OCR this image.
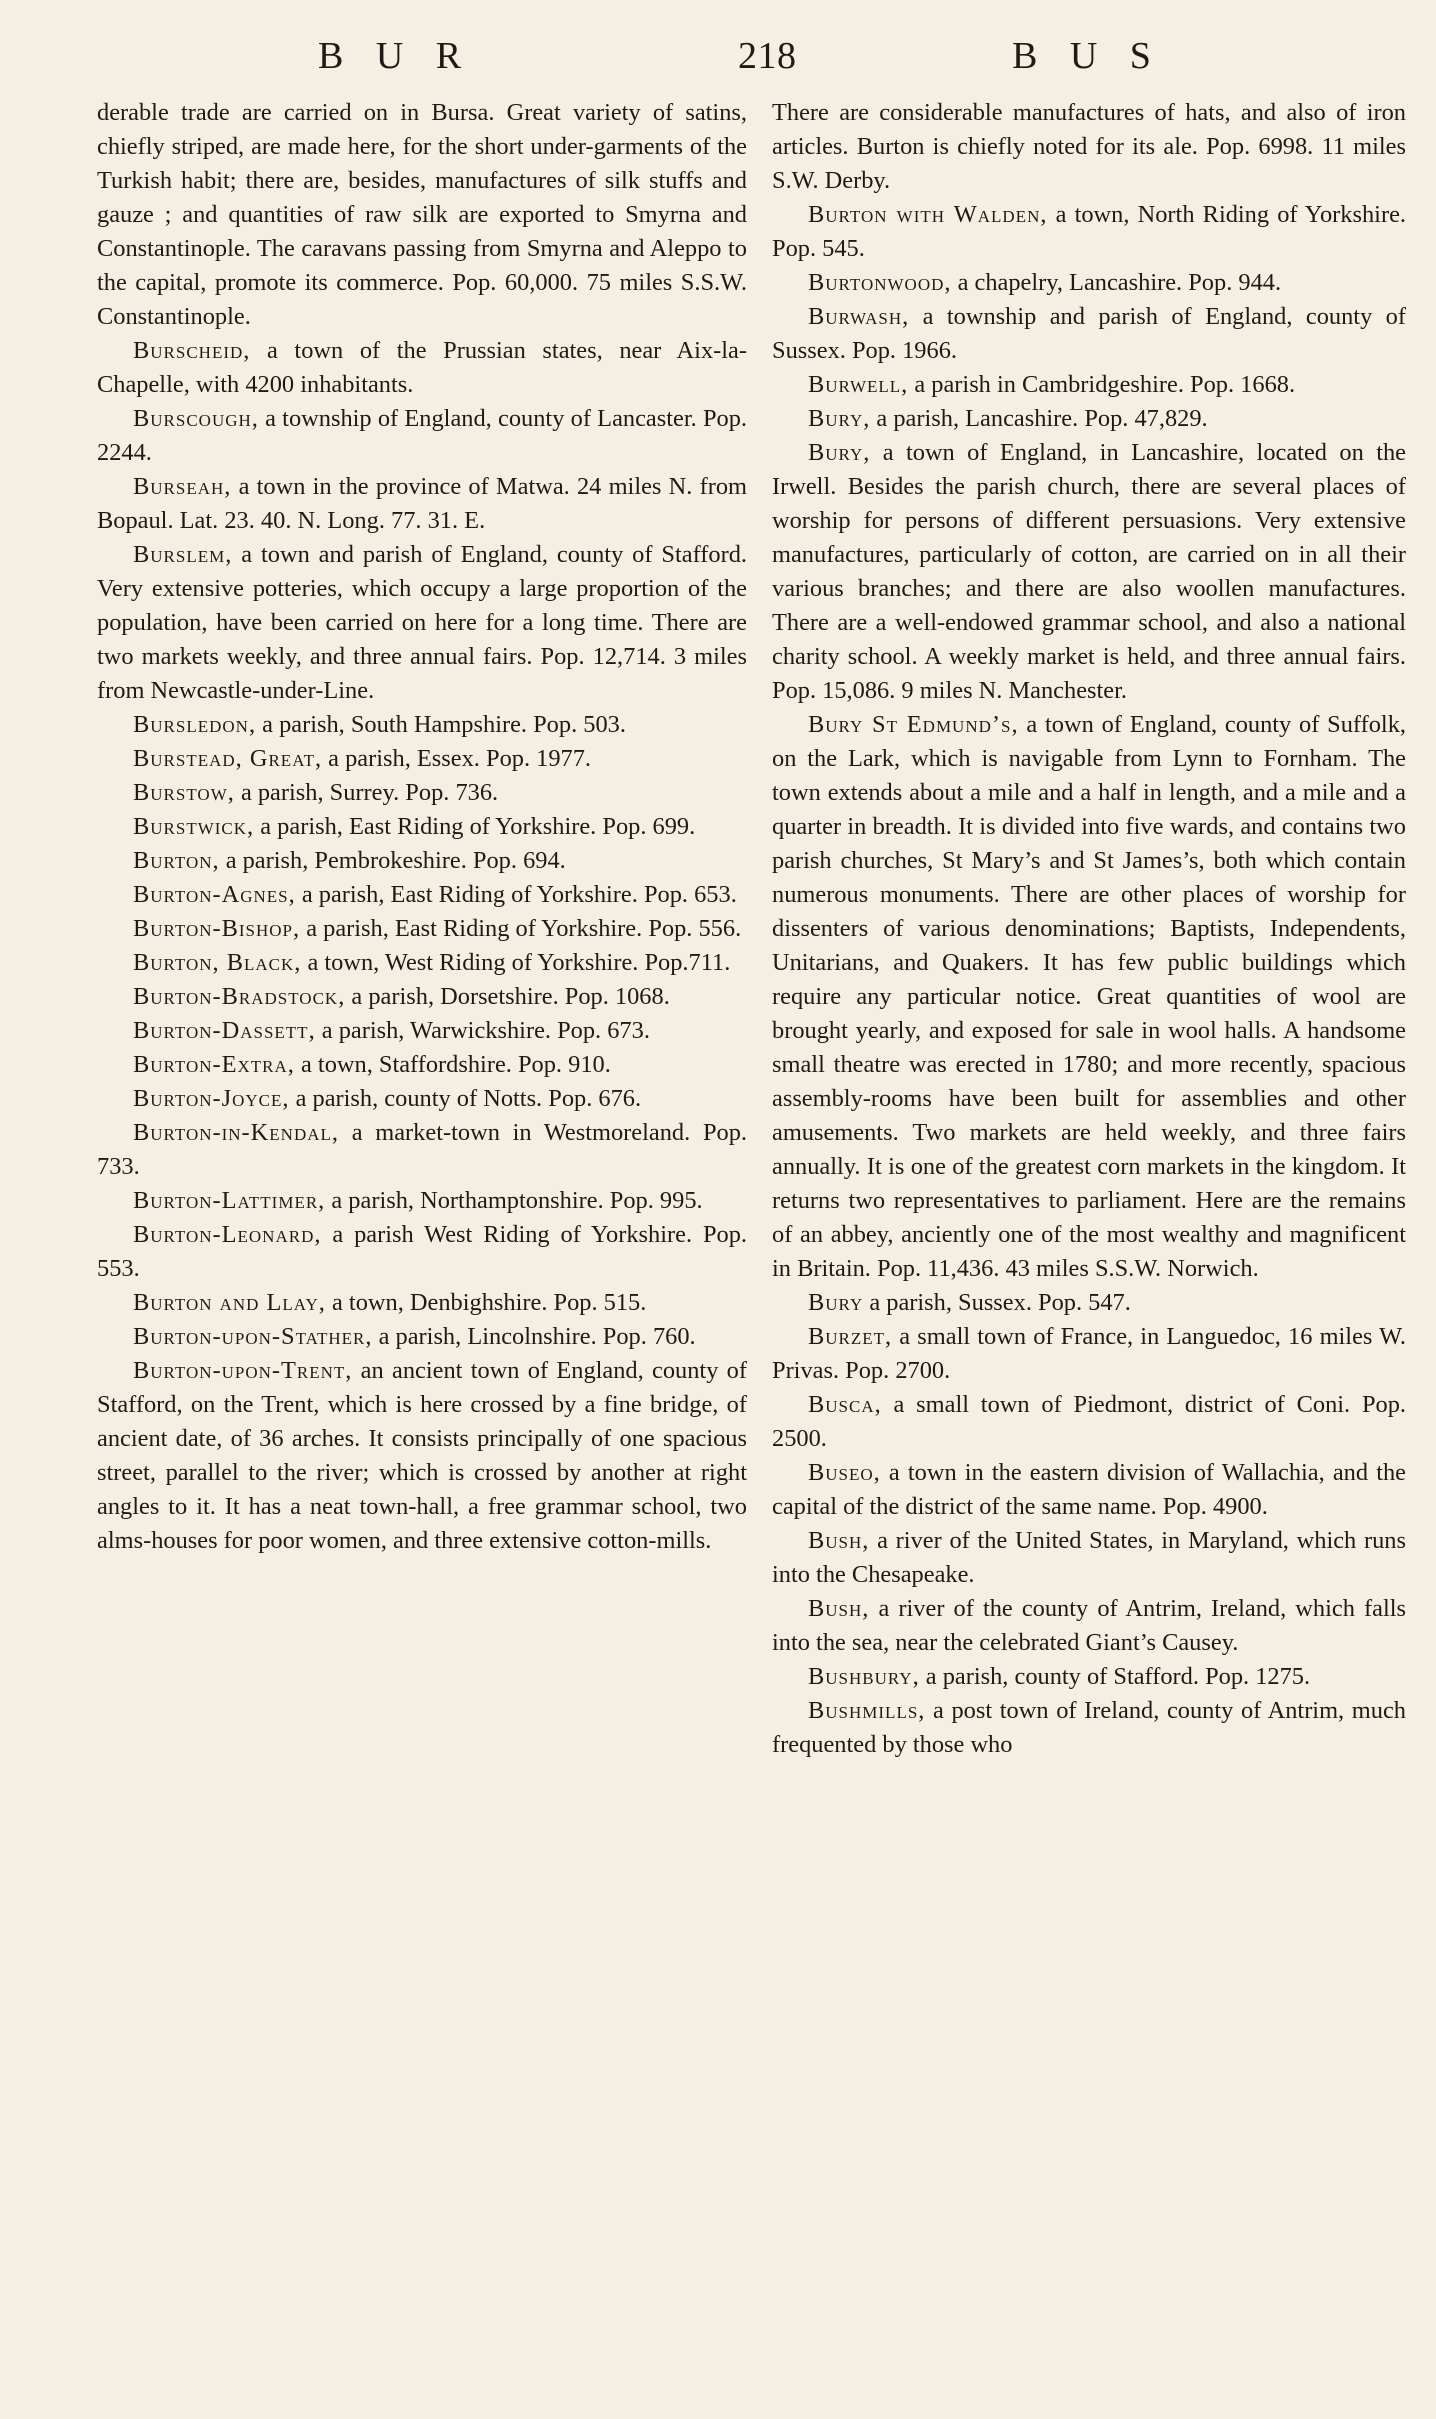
B U R	218	B U S

derable trade are carried on in Bursa. Great variety of satins, chiefly striped, are made here, for the short under-garments of the Turkish habit; there are, besides, manufactures of silk stuffs and gauze ; and quantities of raw silk are exported to Smyrna and Constantinople. The caravans passing from Smyrna and Aleppo to the capital, promote its commerce. Pop. 60,000. 75 miles S.S.W. Constantinople.

Burscheid, a town of the Prussian states, near Aix-la-Chapelle, with 4200 inhabitants.

Burscough, a township of England, county of Lancaster. Pop. 2244.

Burseah, a town in the province of Matwa. 24 miles N. from Bopaul. Lat. 23. 40. N. Long. 77. 31. E.

Burslem, a town and parish of England, county of Stafford. Very extensive potteries, which occupy a large proportion of the population, have been carried on here for a long time. There are two markets weekly, and three annual fairs. Pop. 12,714. 3 miles from Newcastle-under-Line.

Bursledon, a parish, South Hampshire. Pop. 503.

Burstead, Great, a parish, Essex. Pop. 1977.

Burstow, a parish, Surrey. Pop. 736.

Burstwick, a parish, East Riding of Yorkshire. Pop. 699.

Burton, a parish, Pembrokeshire. Pop. 694.

Burton-Agnes, a parish, East Riding of Yorkshire. Pop. 653.

Burton-Bishop, a parish, East Riding of Yorkshire. Pop. 556.

Burton, Black, a town, West Riding of Yorkshire. Pop.711.

Burton-Bradstock, a parish, Dorsetshire. Pop. 1068.

Burton-Dassett, a parish, Warwickshire. Pop. 673.

Burton-Extra, a town, Staffordshire. Pop. 910.

Burton-Joyce, a parish, county of Notts. Pop. 676.

Burton-in-Kendal, a market-town in Westmoreland. Pop. 733.

Burton-Lattimer, a parish, Northamptonshire. Pop. 995.

Burton-Leonard, a parish West Riding of Yorkshire. Pop. 553.

Burton and Llay, a town, Denbighshire. Pop. 515.

Burton-upon-Stather, a parish, Lincolnshire. Pop. 760.

Burton-upon-Trent, an ancient town of England, county of Stafford, on the Trent, which is here crossed by a fine bridge, of ancient date, of 36 arches. It consists principally of one spacious street, parallel to the river; which is crossed by another at right angles to it. It has a neat town-hall, a free grammar school, two alms-houses for poor women, and three extensive cotton-mills.

There are considerable manufactures of hats, and also of iron articles. Burton is chiefly noted for its ale. Pop. 6998. 11 miles S.W. Derby.

Burton with Walden, a town, North Riding of Yorkshire. Pop. 545.

Burtonwood, a chapelry, Lancashire. Pop. 944.

Burwash, a township and parish of England, county of Sussex. Pop. 1966.

Burwell, a parish in Cambridgeshire. Pop. 1668.

Bury, a parish, Lancashire. Pop. 47,829.

Bury, a town of England, in Lancashire, located on the Irwell. Besides the parish church, there are several places of worship for persons of different persuasions. Very extensive manufactures, particularly of cotton, are carried on in all their various branches; and there are also woollen manufactures. There are a well-endowed grammar school, and also a national charity school. A weekly market is held, and three annual fairs. Pop. 15,086. 9 miles N. Manchester.

Bury St Edmund’s, a town of England, county of Suffolk, on the Lark, which is navigable from Lynn to Fornham. The town extends about a mile and a half in length, and a mile and a quarter in breadth. It is divided into five wards, and contains two parish churches, St Mary’s and St James’s, both which contain numerous monuments. There are other places of worship for dissenters of various denominations; Baptists, Independents, Unitarians, and Quakers. It has few public buildings which require any particular notice. Great quantities of wool are brought yearly, and exposed for sale in wool halls. A handsome small theatre was erected in 1780; and more recently, spacious assembly-rooms have been built for assemblies and other amusements. Two markets are held weekly, and three fairs annually. It is one of the greatest corn markets in the kingdom. It returns two representatives to parliament. Here are the remains of an abbey, anciently one of the most wealthy and magnificent in Britain. Pop. 11,436. 43 miles S.S.W. Norwich.

Bury a parish, Sussex. Pop. 547.

Burzet, a small town of France, in Languedoc, 16 miles W. Privas. Pop. 2700.

Busca, a small town of Piedmont, district of Coni. Pop. 2500.

Buseo, a town in the eastern division of Wallachia, and the capital of the district of the same name. Pop. 4900.

Bush, a river of the United States, in Maryland, which runs into the Chesapeake.

Bush, a river of the county of Antrim, Ireland, which falls into the sea, near the celebrated Giant’s Causey.

Bushbury, a parish, county of Stafford. Pop. 1275.

Bushmills, a post town of Ireland, county of Antrim, much frequented by those who
